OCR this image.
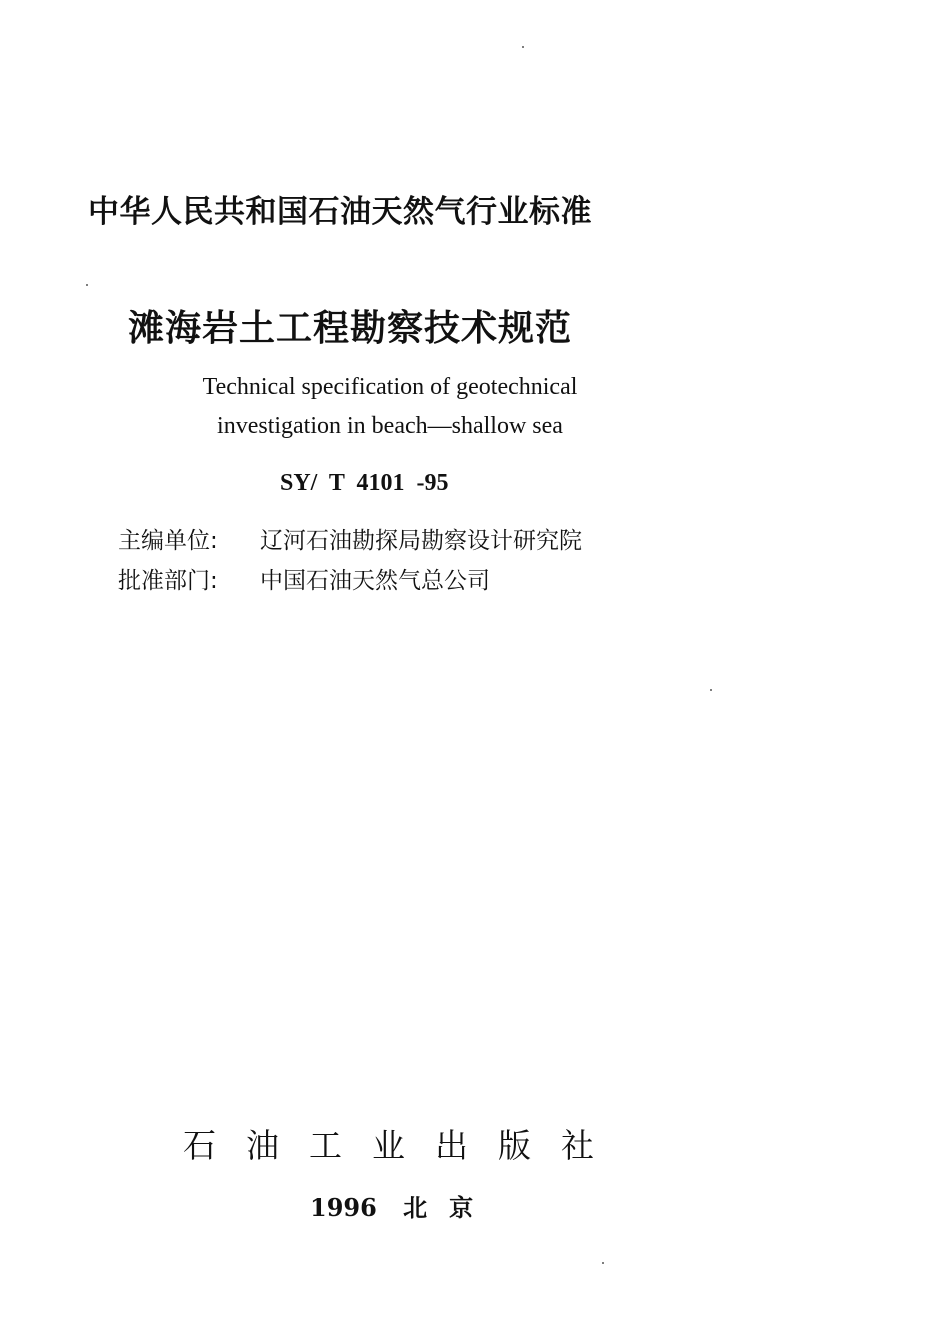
中华人民共和国石油天然气行业标准
滩海岩土工程勘察技术规范
Technical specification of geotechnical
investigation in beach—shallow sea
SY/ T 4101 -95
主编单位: 辽河石油勘探局勘察设计研究院
批准部门: 中国石油天然气总公司
石油工业出版社
1996 北京
